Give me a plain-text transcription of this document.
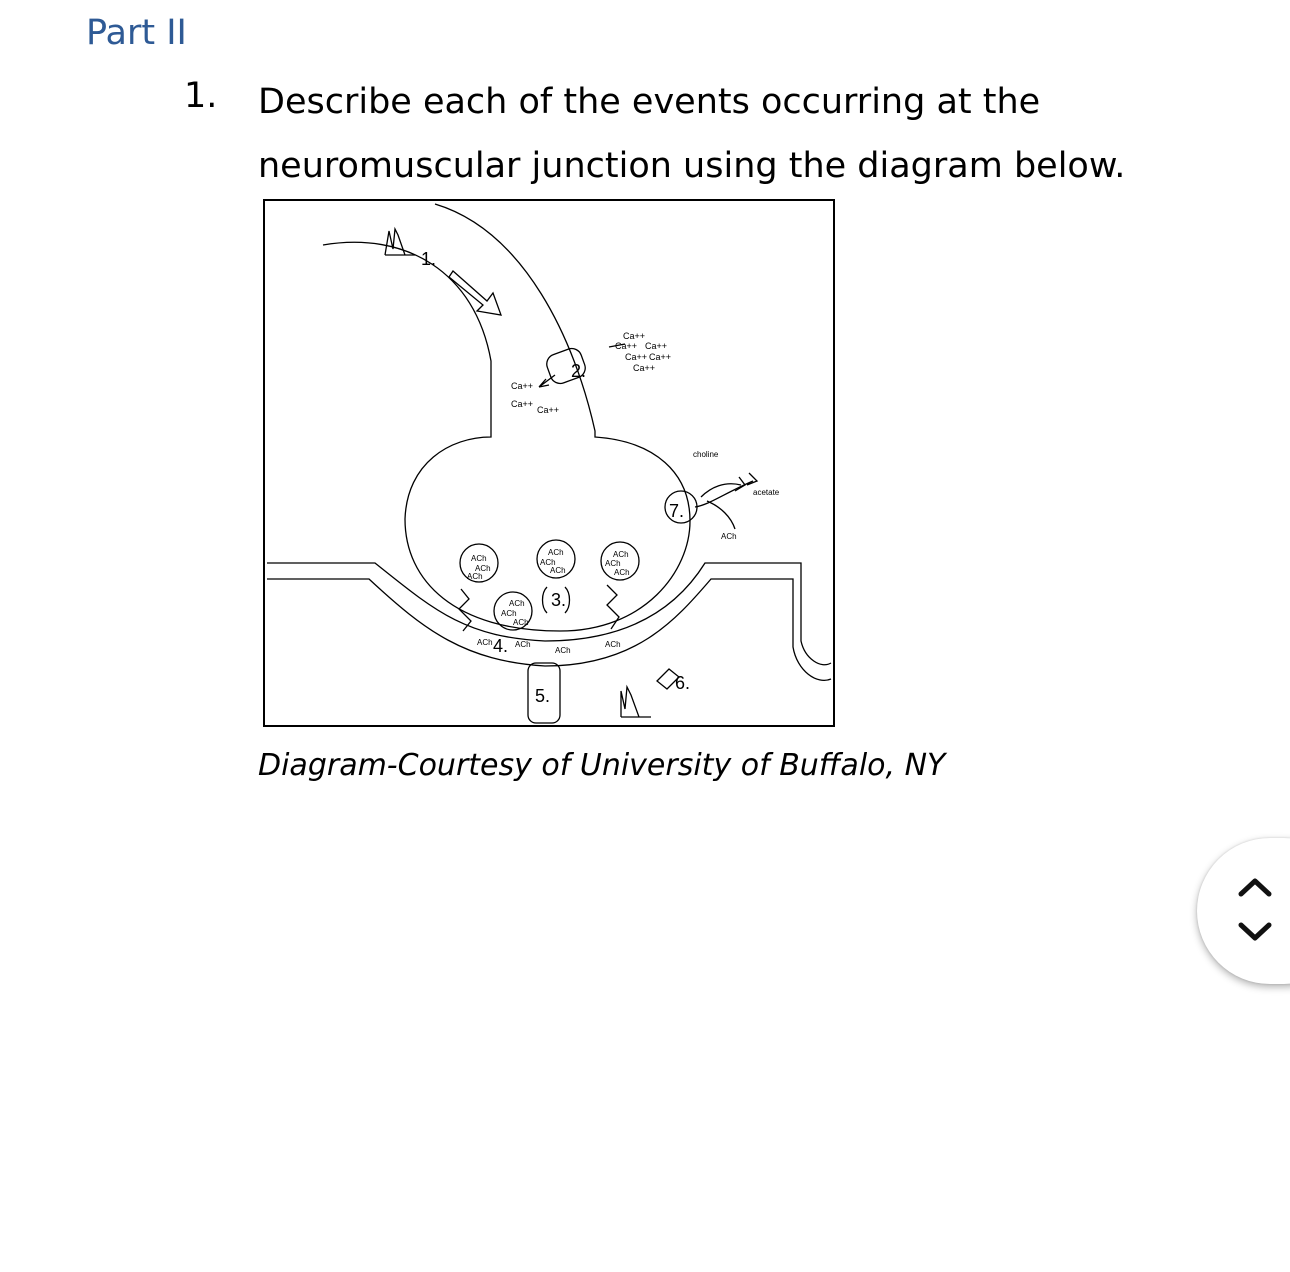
Part II
1. Describe each of the events occurring at the
neuromuscular junction using the diagram below.
1.
2.
3.
4.
5.
6.
7.
Ca++
Ca++ Ca++
Ca++ Ca++
Ca++
Ca++
Ca++
Ca++
choline
acetate
ACh
ACh
ACh
ACh
ACh
ACh
ACh
ACh
ACh
ACh
ACh
ACh
ACh
ACh	ACh
ACh
ACh
Diagram-Courtesy of University of Buffalo, NY
